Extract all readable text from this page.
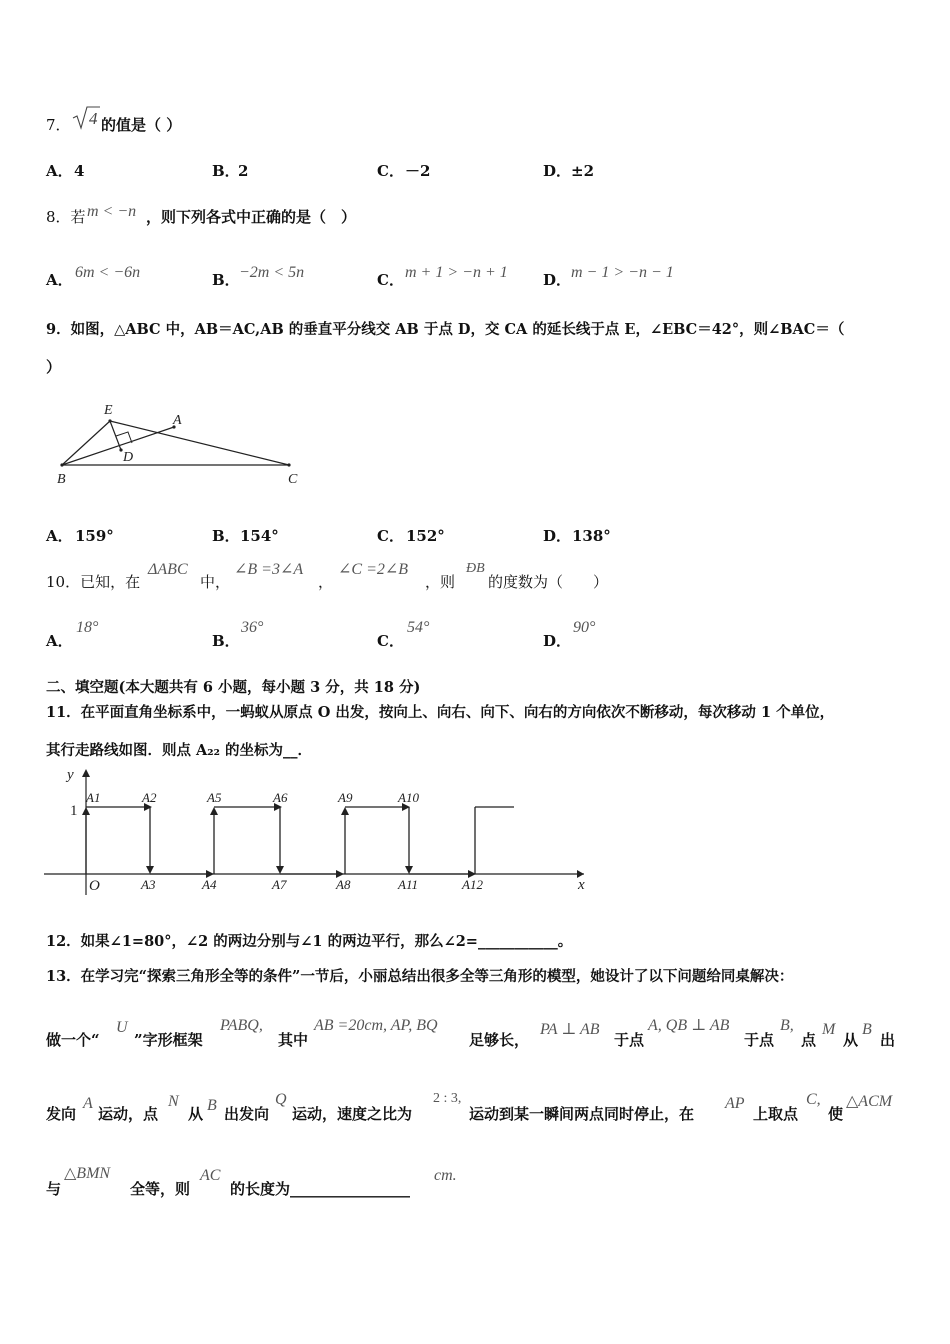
7． 4 的值是（ ）
A． 4	B．
2	C． －2	D． ±2
8．若 m < −n ，则下列各式中正确的是（　）
A． 6m < −6n	B． −2m < 5n	C． m + 1 > −n + 1 D． m − 1 > −n − 1
9．如图，△ABC 中，AB＝AC,AB 的垂直平分线交 AB 于点 D，交 CA 的延长线于点 E，∠EBC＝42°，则∠BAC＝（
）
E
A
D
B	C
A． 159°	B． 154°	C． 152°	D． 138°
10．已知，在
ΔABC
中，
∠B =3∠A
，
∠C =2∠B
，则
ÐB
的度数为（　　）
A．
18°
B．
36°
C．
54°
D．
90°
二、填空题(本大题共有 6 小题，每小题 3 分，共 18 分)
11．在平面直角坐标系中，一蚂蚁从原点 O 出发，按向上、向右、向下、向右的方向依次不断移动，每次移动 1 个单位，
其行走路线如图．则点 A₂₂ 的坐标为__．
y
x
1
O
A1	A2	A5	A6	A9	A10
A3	A4	A7	A8	A11	A12
12．如果∠1=80°，∠2 的两边分别与∠1 的两边平行，那么∠2=___________。
13．在学习完“探索三角形全等的条件”一节后，小丽总结出很多全等三角形的模型，她设计了以下问题给同桌解决：
做一个“
U
”字形框架
PABQ,
其中
AB =20cm, AP, BQ
足够长，
PA ⊥ AB
于点
A, QB ⊥ AB
于点
B,
点
M
从
B
出
发向
A
运动，点
N
从 B 出发向
Q
运动，速度之比为
2 : 3,
运动到某一瞬间两点同时停止，在
AP
上取点
C,
使
△ACM
与
△BMN
全等，则
AC
的长度为________________
cm.
